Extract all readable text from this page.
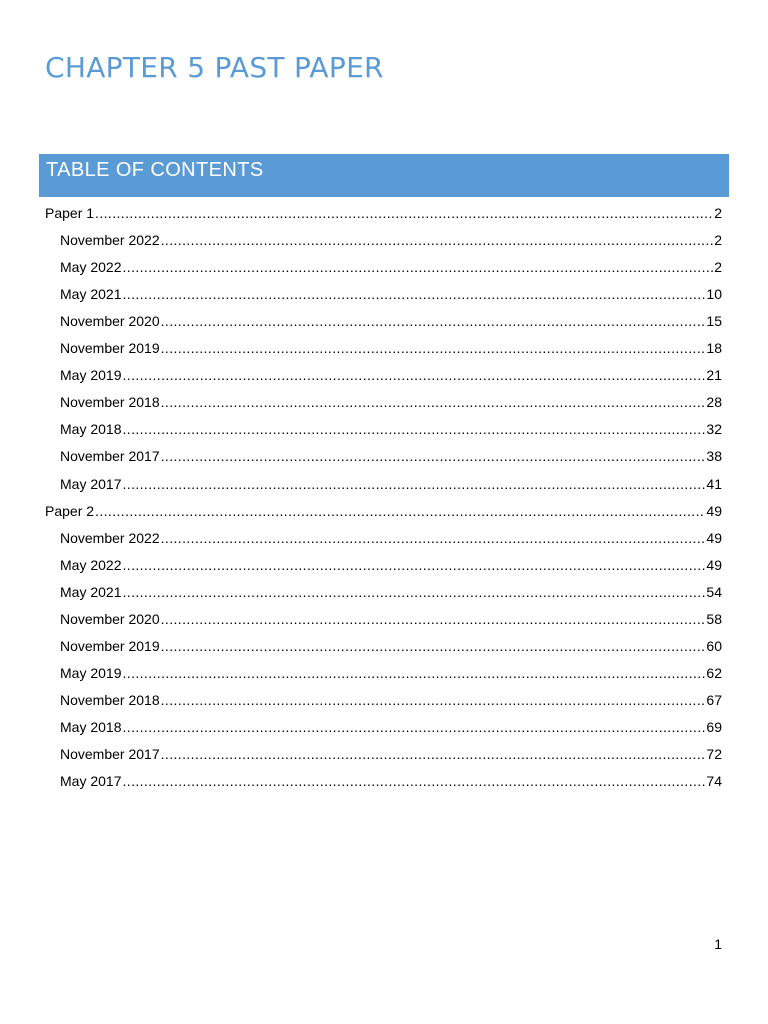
CHAPTER 5 PAST PAPER
TABLE OF CONTENTS
Paper 1 .....	2
November 2022 .....	2
May 2022 .....	2
May 2021 .....	10
November 2020 .....	15
November 2019 .....	18
May 2019 .....	21
November 2018 .....	28
May 2018 .....	32
November 2017 .....	38
May 2017 .....	41
Paper 2 .....	49
November 2022 .....	49
May 2022 .....	49
May 2021 .....	54
November 2020 .....	58
November 2019 .....	60
May 2019 .....	62
November 2018 .....	67
May 2018 .....	69
November 2017 .....	72
May 2017 .....	74
1
